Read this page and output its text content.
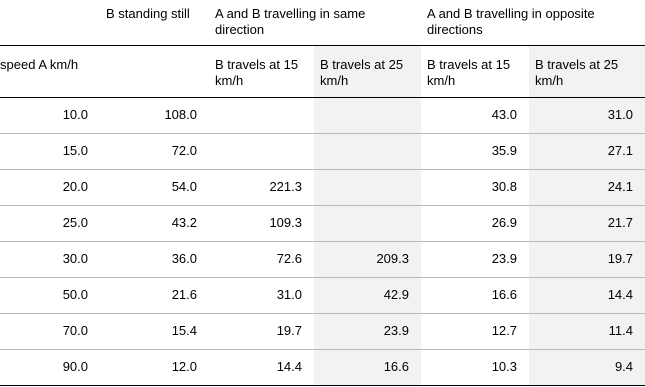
	B standing still	A and B travelling in same direction		A and B travelling in opposite directions	
speed A km/h		B travels at 15 km/h	B travels at 25 km/h	B travels at 15 km/h	B travels at 25 km/h
10.0	108.0			43.0	31.0
15.0	72.0			35.9	27.1
20.0	54.0	221.3		30.8	24.1
25.0	43.2	109.3		26.9	21.7
30.0	36.0	72.6	209.3	23.9	19.7
50.0	21.6	31.0	42.9	16.6	14.4
70.0	15.4	19.7	23.9	12.7	11.4
90.0	12.0	14.4	16.6	10.3	9.4
